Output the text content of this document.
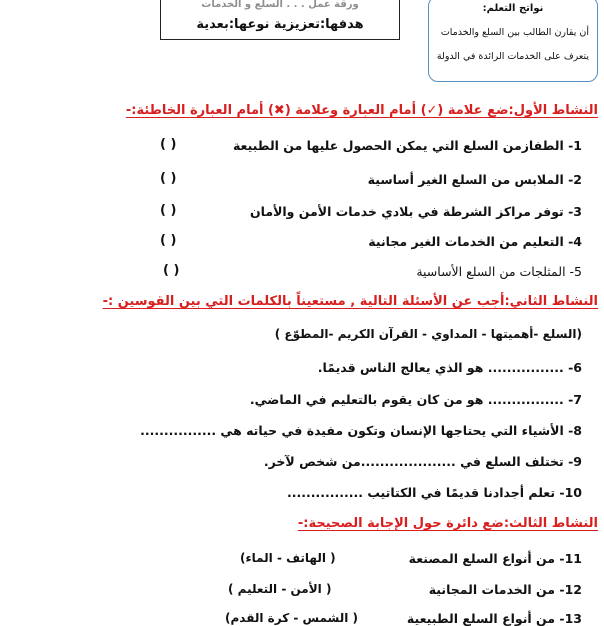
ورقة عمل . . . السلع و الخدمات
هدفها:تعزيزية نوعها:بعدية
نواتج التعلم:
أن يقارن الطالب بين السلع والخدمات
يتعرف على الخدمات الرائدة في الدولة
النشاط الأول:ضع علامة (✓) أمام العبارة وعلامة (✖) أمام العبارة الخاطئة:-
1- الطفازمن السلع التي يمكن الحصول عليها من الطبيعة
( )
2- الملابس من السلع الغير أساسية
( )
3- توفر مراكز الشرطة في بلادي خدمات الأمن والأمان
( )
4- التعليم من الخدمات الغير مجانية
( )
5- المثلجات من السلع الأساسية
( )
النشاط الثاني:أجب عن الأسئلة التالية , مستعيناً بالكلمات التي بين القوسين :-
(السلع -أهميتها - المداوي - القرآن الكريم -المطوّع )
6- ................ هو الذي يعالج الناس قديمًا.
7- ................ هو من كان يقوم بالتعليم في الماضي.
8- الأشياء التي يحتاجها الإنسان وتكون مفيدة في حياته هي ................
9- تختلف السلع في ....................من شخص لآخر.
10- تعلم أجدادنا قديمًا في الكتاتيب ................
النشاط الثالث:ضع دائرة حول الإجابة الصحيحة:-
11- من أنواع السلع المصنعة
( الهاتف - الماء)
12- من الخدمات المجانية
( الأمن - التعليم )
13- من أنواع السلع الطبيعية
( الشمس - كرة القدم)
